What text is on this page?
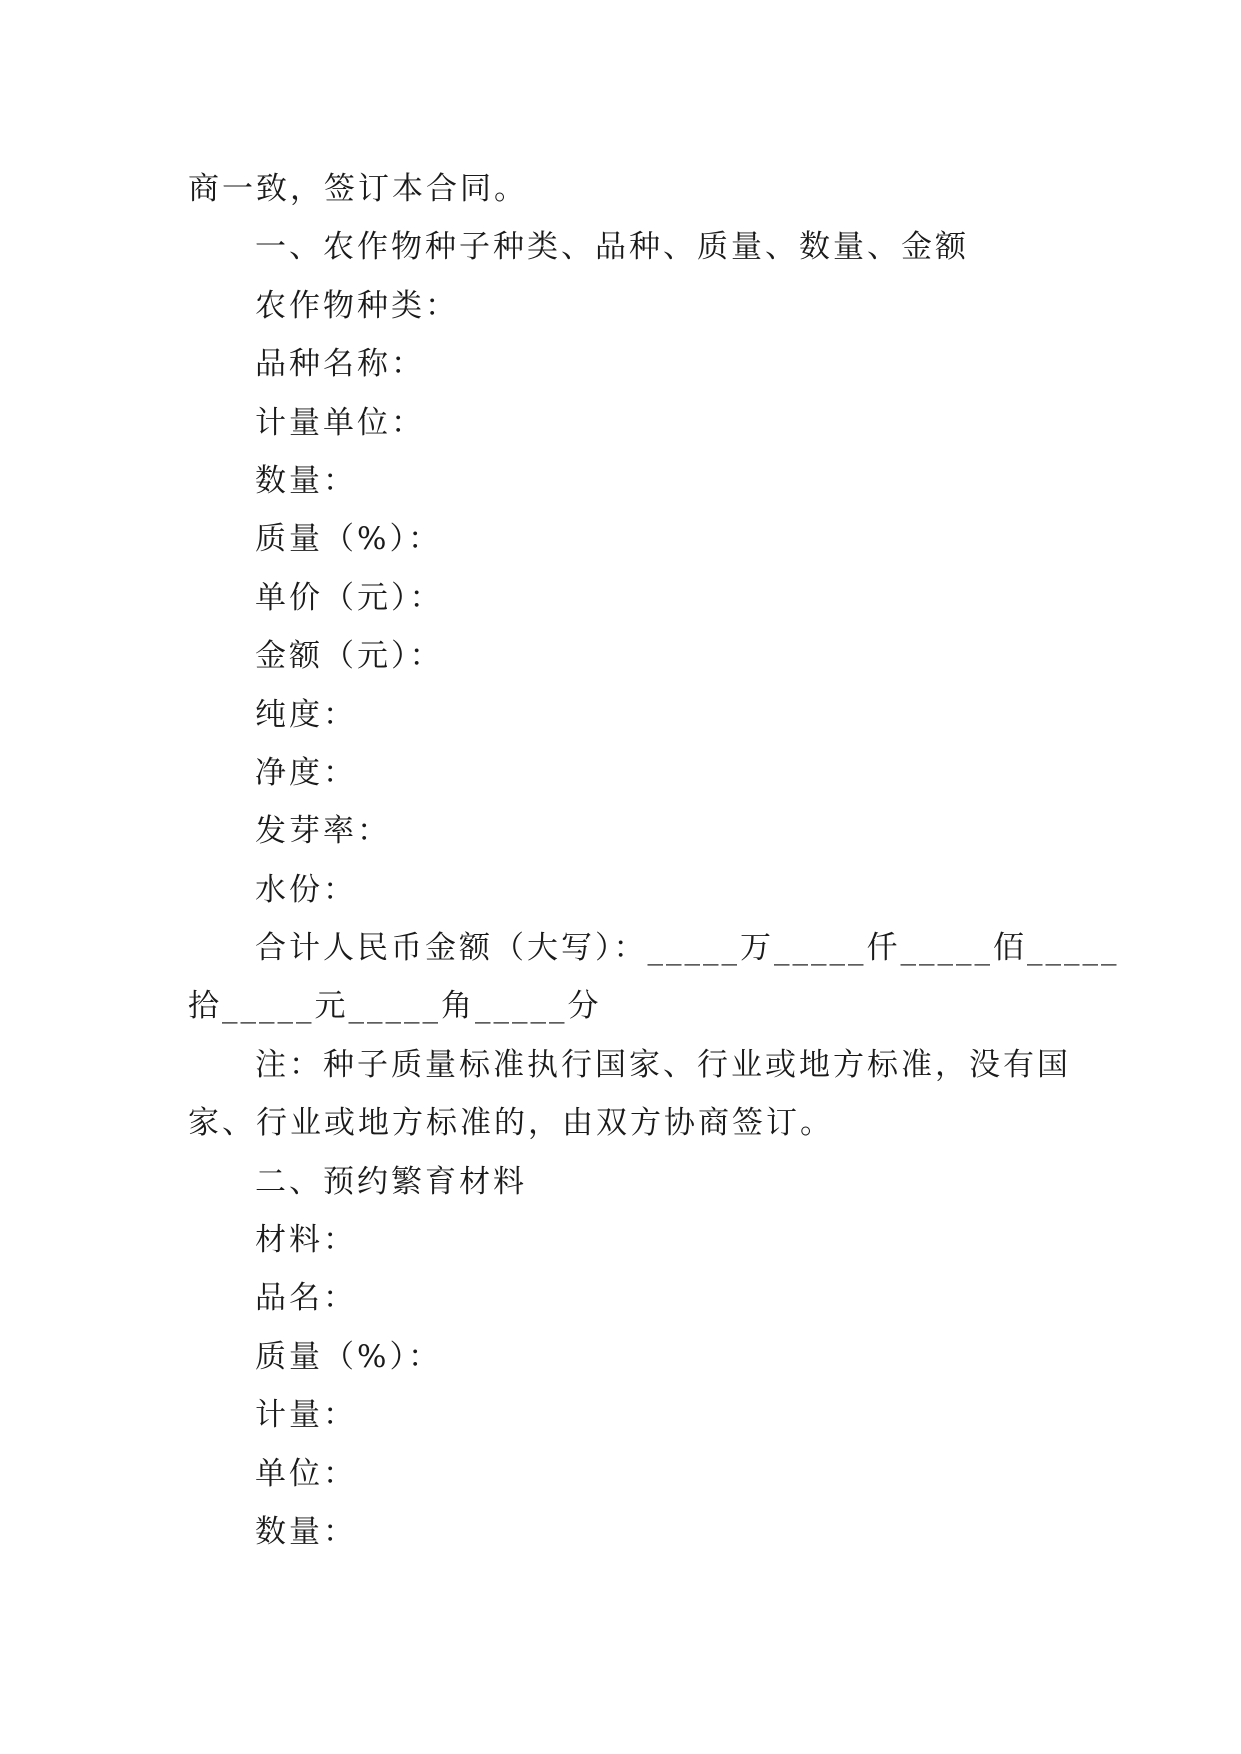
商一致，签订本合同。
一、农作物种子种类、品种、质量、数量、金额
农作物种类：
品种名称：
计量单位：
数量：
质量（%）：
单价（元）：
金额（元）：
纯度：
净度：
发芽率：
水份：
合计人民币金额（大写）：_____万_____仟_____佰_____
拾_____元_____角_____分
注：种子质量标准执行国家、行业或地方标准，没有国
家、行业或地方标准的，由双方协商签订。
二、预约繁育材料
材料：
品名：
质量（%）：
计量：
单位：
数量：
